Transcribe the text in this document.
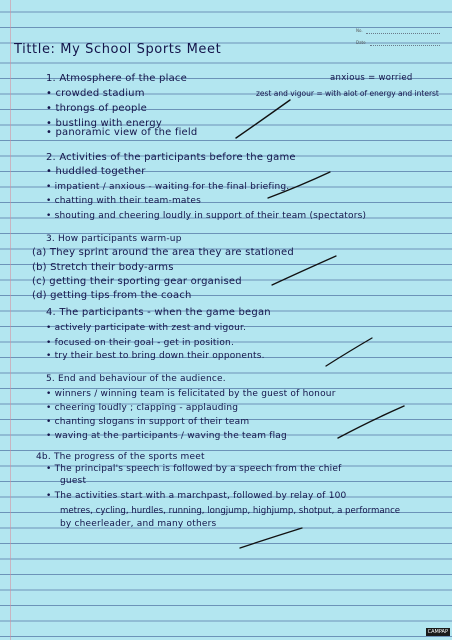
No.
Date
Tittle: My School Sports Meet
anxious = worried
zest and vigour = with alot of energy and interst
1. Atmosphere of the place
• crowded stadium
• throngs of people
• bustling with energy
• panoramic view of the field
2. Activities of the participants before the game
• huddled together
• impatient / anxious - waiting for the final briefing.
• chatting with their team-mates
• shouting and cheering loudly in support of their team (spectators)
3. How participants warm-up
(a) They sprint around the area they are stationed
(b) Stretch their body-arms
(c) getting their sporting gear organised
(d) getting tips from the coach
4. The participants - when the game began
• actively participate with zest and vigour.
• focused on their goal - get in position.
• try their best to bring down their opponents.
5. End and behaviour of the audience.
• winners / winning team is felicitated by the guest of honour
• cheering loudly ; clapping - applauding
• chanting slogans in support of their team
• waving at the participants / waving the team flag
4b. The progress of the sports meet
• The principal's speech is followed by a speech from the chief
guest
• The activities start with a marchpast, followed by relay of 100
metres, cycling, hurdles, running, longjump, highjump, shotput, a performance
by cheerleader, and many others
CAMPAP
